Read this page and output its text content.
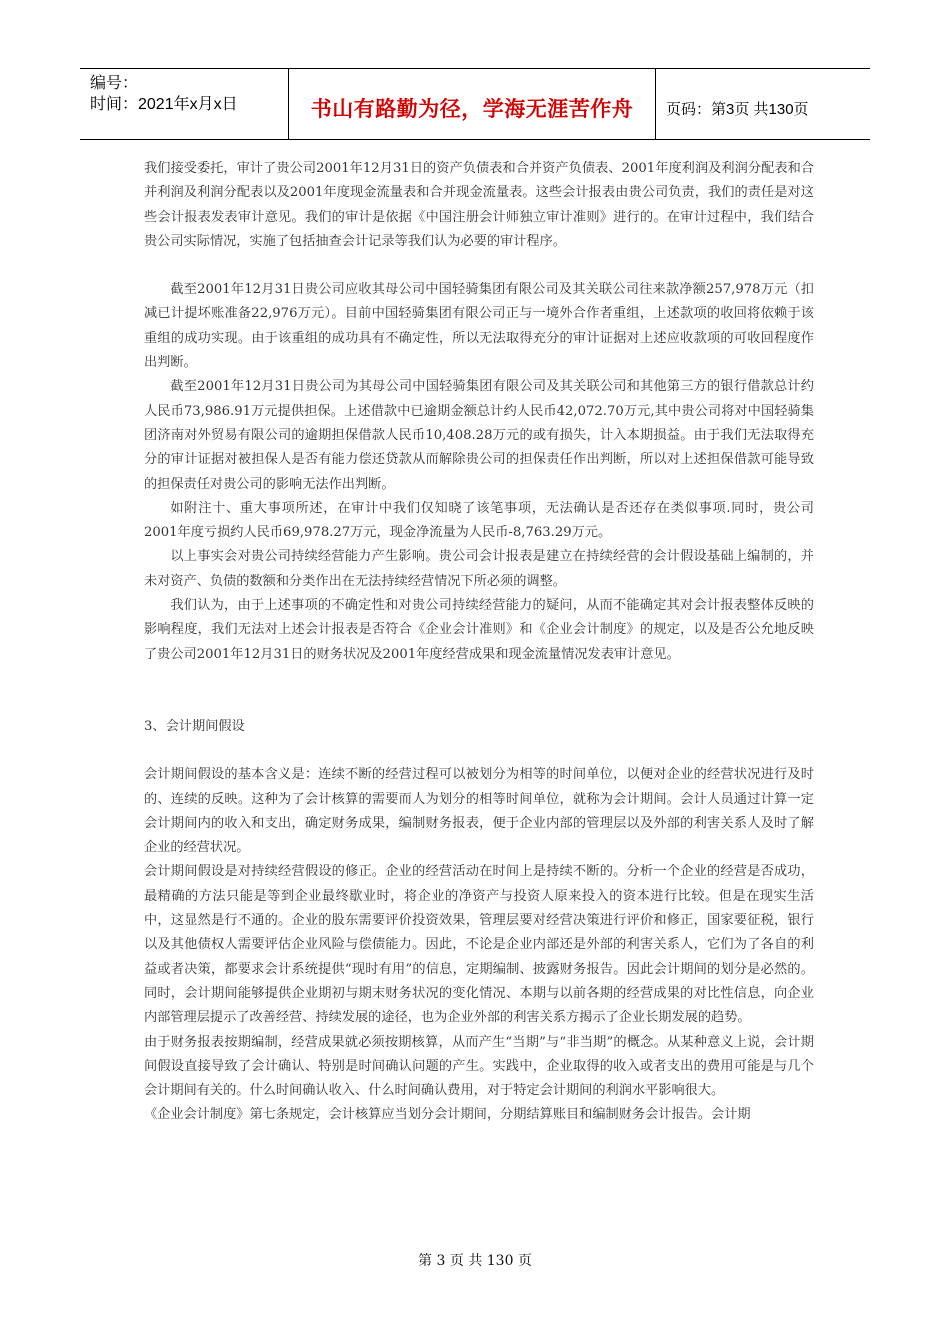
编号：
时间：2021年x月x日	书山有路勤为径，学海无涯苦作舟 页码：第3页 共130页

我们接受委托，审计了贵公司2001年12月31日的资产负债表和合并资产负债表、2001年度利润及利润分配表和合并利润及利润分配表以及2001年度现金流量表和合并现金流量表。这些会计报表由贵公司负责，我们的责任是对这些会计报表发表审计意见。我们的审计是依据《中国注册会计师独立审计准则》进行的。在审计过程中，我们结合贵公司实际情况，实施了包括抽查会计记录等我们认为必要的审计程序。

截至2001年12月31日贵公司应收其母公司中国轻骑集团有限公司及其关联公司往来款净额257,978万元（扣减已计提坏账准备22,976万元）。目前中国轻骑集团有限公司正与一境外合作者重组，上述款项的收回将依赖于该重组的成功实现。由于该重组的成功具有不确定性，所以无法取得充分的审计证据对上述应收款项的可收回程度作出判断。

截至2001年12月31日贵公司为其母公司中国轻骑集团有限公司及其关联公司和其他第三方的银行借款总计约人民币73,986.91万元提供担保。上述借款中已逾期金额总计约人民币42,072.70万元,其中贵公司将对中国轻骑集团济南对外贸易有限公司的逾期担保借款人民币10,408.28万元的或有损失，计入本期损益。由于我们无法取得充分的审计证据对被担保人是否有能力偿还贷款从而解除贵公司的担保责任作出判断，所以对上述担保借款可能导致的担保责任对贵公司的影响无法作出判断。

如附注十、重大事项所述，在审计中我们仅知晓了该笔事项，无法确认是否还存在类似事项.同时，贵公司2001年度亏损约人民币69,978.27万元，现金净流量为人民币-8,763.29万元。

以上事实会对贵公司持续经营能力产生影响。贵公司会计报表是建立在持续经营的会计假设基础上编制的，并未对资产、负债的数额和分类作出在无法持续经营情况下所必须的调整。

我们认为，由于上述事项的不确定性和对贵公司持续经营能力的疑问，从而不能确定其对会计报表整体反映的影响程度，我们无法对上述会计报表是否符合《企业会计准则》和《企业会计制度》的规定，以及是否公允地反映了贵公司2001年12月31日的财务状况及2001年度经营成果和现金流量情况发表审计意见。

3、会计期间假设

会计期间假设的基本含义是：连续不断的经营过程可以被划分为相等的时间单位，以便对企业的经营状况进行及时的、连续的反映。这种为了会计核算的需要而人为划分的相等时间单位，就称为会计期间。会计人员通过计算一定会计期间内的收入和支出，确定财务成果，编制财务报表，便于企业内部的管理层以及外部的利害关系人及时了解企业的经营状况。

会计期间假设是对持续经营假设的修正。企业的经营活动在时间上是持续不断的。分析一个企业的经营是否成功，最精确的方法只能是等到企业最终歇业时，将企业的净资产与投资人原来投入的资本进行比较。但是在现实生活中，这显然是行不通的。企业的股东需要评价投资效果，管理层要对经营决策进行评价和修正，国家要征税，银行以及其他债权人需要评估企业风险与偿债能力。因此，不论是企业内部还是外部的利害关系人，它们为了各自的利益或者决策，都要求会计系统提供“现时有用”的信息，定期编制、披露财务报告。因此会计期间的划分是必然的。同时，会计期间能够提供企业期初与期末财务状况的变化情况、本期与以前各期的经营成果的对比性信息，向企业内部管理层提示了改善经营、持续发展的途径，也为企业外部的利害关系方揭示了企业长期发展的趋势。

由于财务报表按期编制，经营成果就必须按期核算，从而产生“当期”与“非当期”的概念。从某种意义上说，会计期间假设直接导致了会计确认、特别是时间确认问题的产生。实践中，企业取得的收入或者支出的费用可能是与几个会计期间有关的。什么时间确认收入、什么时间确认费用，对于特定会计期间的利润水平影响很大。

《企业会计制度》第七条规定，会计核算应当划分会计期间，分期结算账目和编制财务会计报告。会计期

第 3 页 共 130 页
